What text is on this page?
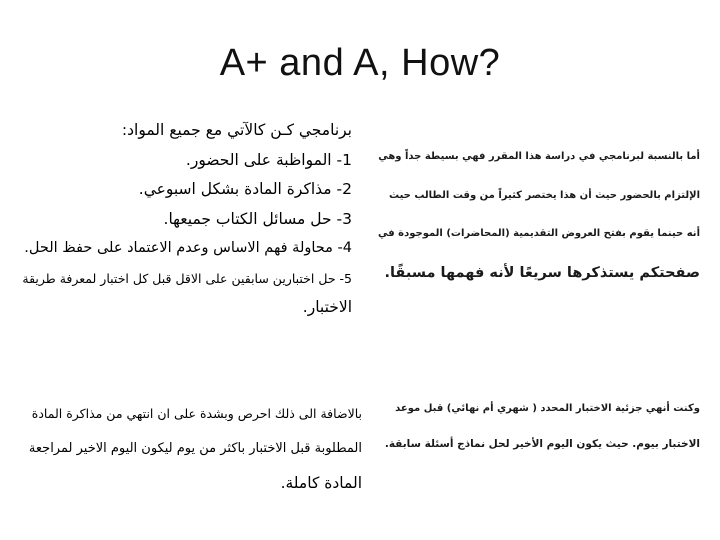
A+ and A, How?

برنامجي كـن كالآتي مع جميع المواد:

1- المواظبة على الحضور.

2- مذاكرة المادة بشكل اسبوعي.

3- حل مسائل الكتاب جميعها.

4- محاولة فهم الاساس وعدم الاعتماد على حفظ الحل.

5- حل اختبارين سابقين على الاقل قبل كل اختبار لمعرفة طريقة

الاختبار.

بالاضافة الى ذلك احرص وبشدة على ان انتهي من مذاكرة المادة

المطلوبة قبل الاختبار باكثر من يوم ليكون اليوم الاخير لمراجعة

المادة كاملة.

أما بالنسبة لبرنامجي في دراسة هذا المقرر فهي بسيطة جداً وهي

الإلتزام بالحضور حيث أن هذا يختصر كثيراً من وقت الطالب حيث

أنه حينما يقوم بفتح العروض التقديمية (المحاضرات) الموجودة في

صفحتكم يستذكرها سريعًا لأنه فهمها مسبقًا.

وكنت أنهي جزئية الاختبار المحدد ( شهري أم نهائي) قبل موعد

الاختبار بيوم. حيث يكون اليوم الأخير لحل نماذج أسئلة سابقة.
